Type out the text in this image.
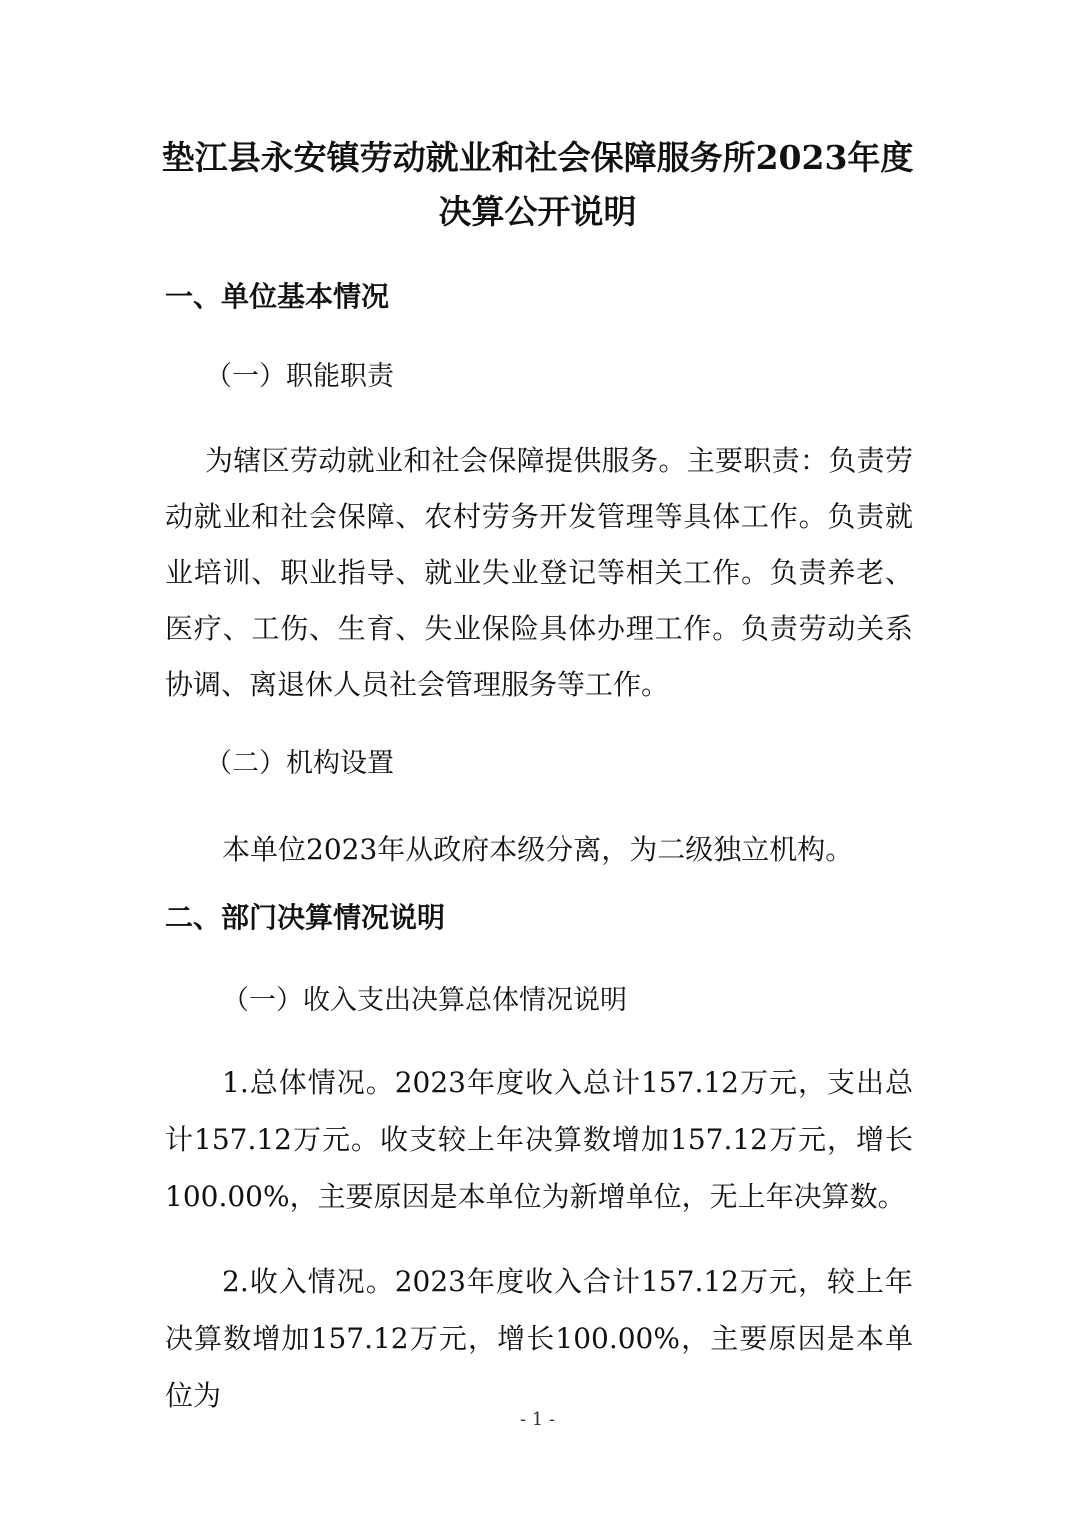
垫江县永安镇劳动就业和社会保障服务所2023年度
决算公开说明
一、单位基本情况
（一）职能职责
为辖区劳动就业和社会保障提供服务。主要职责：负责劳动就业和社会保障、农村劳务开发管理等具体工作。负责就业培训、职业指导、就业失业登记等相关工作。负责养老、医疗、工伤、生育、失业保险具体办理工作。负责劳动关系协调、离退休人员社会管理服务等工作。
（二）机构设置
本单位2023年从政府本级分离，为二级独立机构。
二、部门决算情况说明
（一）收入支出决算总体情况说明
1.总体情况。2023年度收入总计157.12万元，支出总计157.12万元。收支较上年决算数增加157.12万元，增长100.00%，主要原因是本单位为新增单位，无上年决算数。
2.收入情况。2023年度收入合计157.12万元，较上年决算数增加157.12万元，增长100.00%，主要原因是本单位为
- 1 -
